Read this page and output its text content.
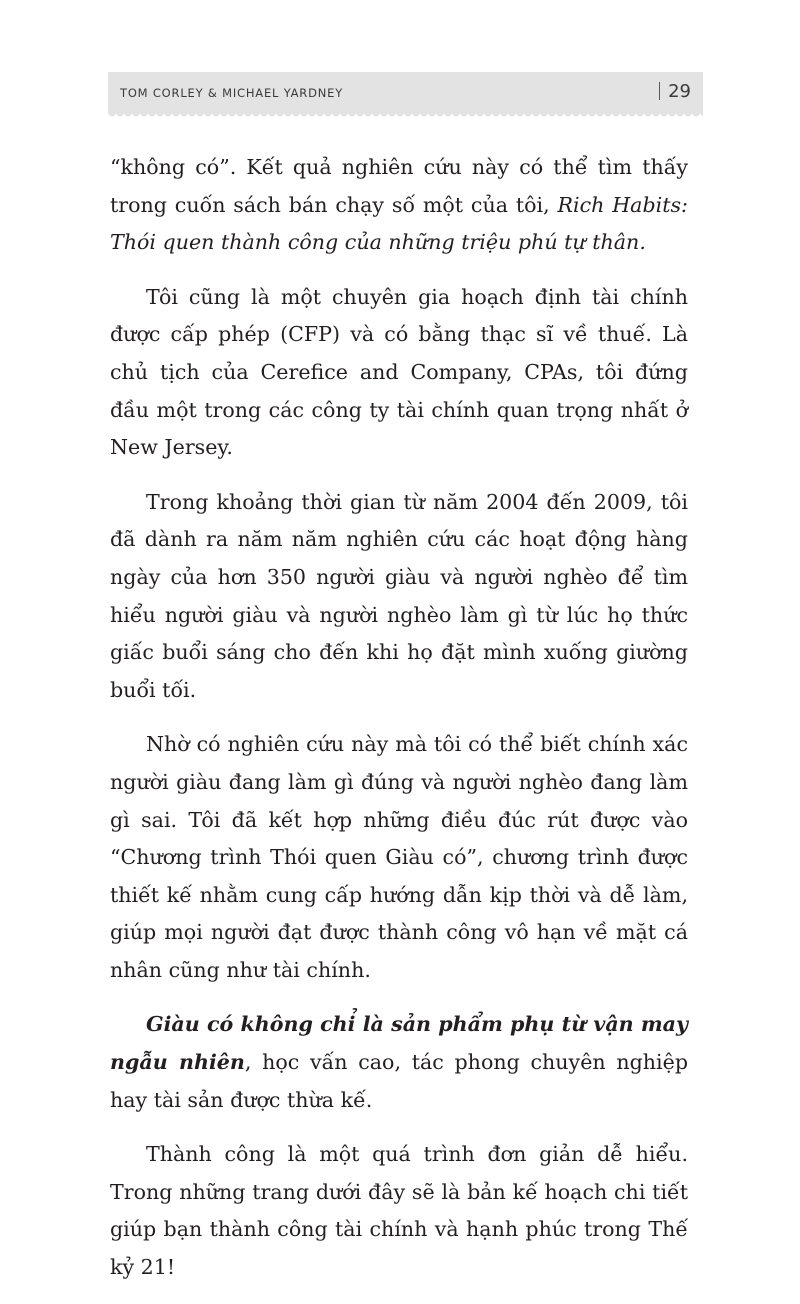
TOM CORLEY & MICHAEL YARDNEY	29

“không có”. Kết quả nghiên cứu này có thể tìm thấy trong cuốn sách bán chạy số một của tôi, Rich Habits: Thói quen thành công của những triệu phú tự thân.

Tôi cũng là một chuyên gia hoạch định tài chính được cấp phép (CFP) và có bằng thạc sĩ về thuế. Là chủ tịch của Cerefice and Company, CPAs, tôi đứng đầu một trong các công ty tài chính quan trọng nhất ở New Jersey.

Trong khoảng thời gian từ năm 2004 đến 2009, tôi đã dành ra năm năm nghiên cứu các hoạt động hàng ngày của hơn 350 người giàu và người nghèo để tìm hiểu người giàu và người nghèo làm gì từ lúc họ thức giấc buổi sáng cho đến khi họ đặt mình xuống giường buổi tối.

Nhờ có nghiên cứu này mà tôi có thể biết chính xác người giàu đang làm gì đúng và người nghèo đang làm gì sai. Tôi đã kết hợp những điều đúc rút được vào “Chương trình Thói quen Giàu có”, chương trình được thiết kế nhằm cung cấp hướng dẫn kịp thời và dễ làm, giúp mọi người đạt được thành công vô hạn về mặt cá nhân cũng như tài chính.

Giàu có không chỉ là sản phẩm phụ từ vận may ngẫu nhiên, học vấn cao, tác phong chuyên nghiệp hay tài sản được thừa kế.

Thành công là một quá trình đơn giản dễ hiểu. Trong những trang dưới đây sẽ là bản kế hoạch chi tiết giúp bạn thành công tài chính và hạnh phúc trong Thế kỷ 21!
